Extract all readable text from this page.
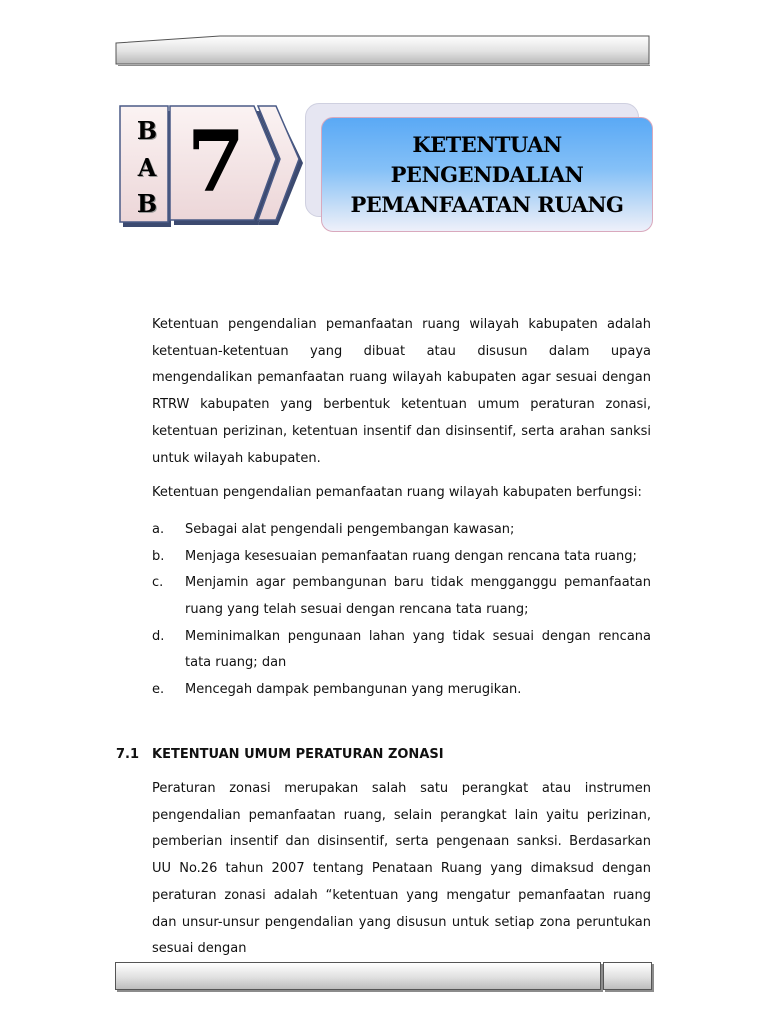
B
A
B 7	KETENTUAN PENGENDALIAN
PEMANFAATAN RUANG

Ketentuan pengendalian pemanfaatan ruang wilayah kabupaten adalah ketentuan-ketentuan yang dibuat atau disusun dalam upaya mengendalikan pemanfaatan ruang wilayah kabupaten agar sesuai dengan RTRW kabupaten yang berbentuk ketentuan umum peraturan zonasi, ketentuan perizinan, ketentuan insentif dan disinsentif, serta arahan sanksi untuk wilayah kabupaten.

Ketentuan pengendalian pemanfaatan ruang wilayah kabupaten berfungsi:

a. Sebagai alat pengendali pengembangan kawasan;
b. Menjaga kesesuaian pemanfaatan ruang dengan rencana tata ruang;
c. Menjamin agar pembangunan baru tidak mengganggu pemanfaatan ruang yang telah sesuai dengan rencana tata ruang;
d. Meminimalkan pengunaan lahan yang tidak sesuai dengan rencana tata ruang; dan
e. Mencegah dampak pembangunan yang merugikan.
7.1 KETENTUAN UMUM PERATURAN ZONASI

Peraturan zonasi merupakan salah satu perangkat atau instrumen pengendalian pemanfaatan ruang, selain perangkat lain yaitu perizinan, pemberian insentif dan disinsentif, serta pengenaan sanksi. Berdasarkan UU No.26 tahun 2007 tentang Penataan Ruang yang dimaksud dengan peraturan zonasi adalah “ketentuan yang mengatur pemanfaatan ruang dan unsur-unsur pengendalian yang disusun untuk setiap zona peruntukan sesuai dengan
